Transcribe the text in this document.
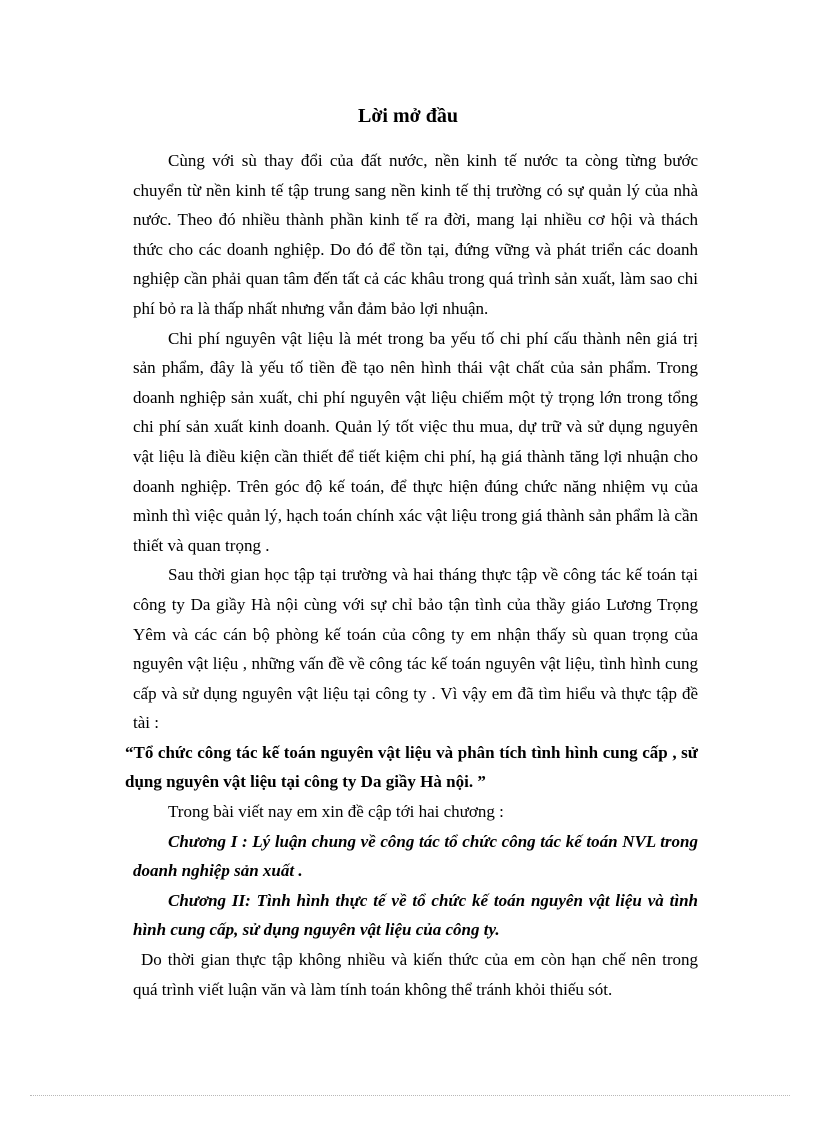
Lời mở đầu

Cùng với sù thay đổi của đất nước, nền kinh tế nước ta còng từng bước chuyển từ nền kinh tế tập trung sang nền kinh tế thị trường có sự quản lý của nhà nước. Theo đó nhiều thành phần kinh tế ra đời, mang lại nhiều cơ hội và thách thức cho các doanh nghiệp. Do đó để tồn tại, đứng vững và phát triển các doanh nghiệp cần phải quan tâm đến tất cả các khâu trong quá trình sản xuất, làm sao chi phí bỏ ra là thấp nhất nhưng vẫn đảm bảo lợi nhuận.

Chi phí nguyên vật liệu là mét trong ba yếu tố chi phí cấu thành nên giá trị sản phẩm, đây là yếu tố tiền đề tạo nên hình thái vật chất của sản phẩm. Trong doanh nghiệp sản xuất, chi phí nguyên vật liệu chiếm một tỷ trọng lớn trong tổng chi phí sản xuất kinh doanh. Quản lý tốt việc thu mua, dự trữ và sử dụng nguyên vật liệu là điều kiện cần thiết để tiết kiệm chi phí, hạ giá thành tăng lợi nhuận cho doanh nghiệp. Trên góc độ kế toán, để thực hiện đúng chức năng nhiệm vụ của mình thì việc quản lý, hạch toán chính xác vật liệu trong giá thành sản phẩm là cần thiết và quan trọng .

Sau thời gian học tập tại trường và hai tháng thực tập về công tác kế toán tại công ty Da giầy Hà nội cùng với sự chỉ bảo tận tình của thầy giáo Lương Trọng Yêm và các cán bộ phòng kế toán của công ty em nhận thấy sù quan trọng của nguyên vật liệu , những vấn đề về công tác kế toán nguyên vật liệu, tình hình cung cấp và sử dụng nguyên vật liệu tại công ty . Vì vậy em đã tìm hiểu và thực tập đề tài :

“Tổ chức công tác kế toán nguyên vật liệu và phân tích tình hình cung cấp , sử dụng nguyên vật liệu tại công ty Da giầy Hà nội. ”

Trong bài viết nay em xin đề cập tới hai chương :

Chương I : Lý luận chung về công tác tổ chức công tác kế toán NVL trong doanh nghiệp sản xuất .

Chương II: Tình hình thực tế về tổ chức kế toán nguyên vật liệu và tình hình cung cấp, sử dụng nguyên vật liệu của công ty.

Do thời gian thực tập không nhiều và kiến thức của em còn hạn chế nên trong quá trình viết luận văn và làm tính toán không thể tránh khỏi thiếu sót.
